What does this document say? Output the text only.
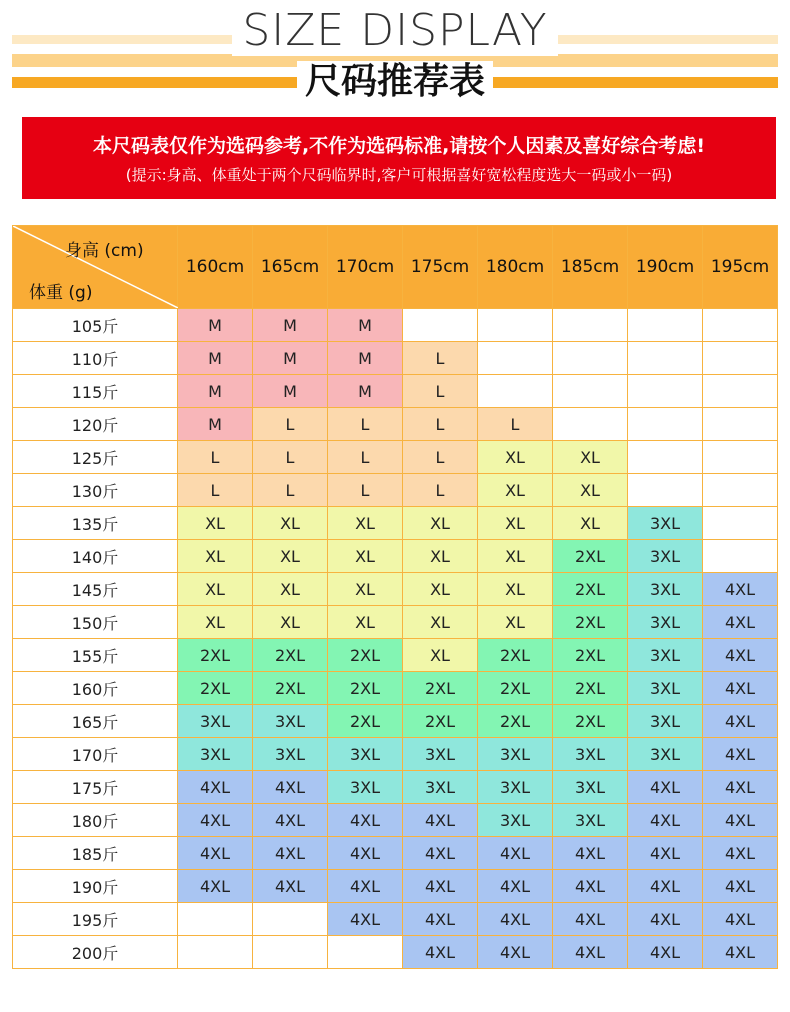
SIZE DISPLAY
尺码推荐表
本尺码表仅作为选码参考,不作为选码标准,请按个人因素及喜好综合考虑!
(提示:身高、体重处于两个尺码临界时,客户可根据喜好宽松程度选大一码或小一码)
身高 (cm)
体重 (g)	160cm	165cm	170cm	175cm	180cm	185cm	190cm	195cm
105斤	M	M	M					
110斤	M	M	M	L				
115斤	M	M	M	L				
120斤	M	L	L	L	L			
125斤	L	L	L	L	XL	XL		
130斤	L	L	L	L	XL	XL		
135斤	XL	XL	XL	XL	XL	XL	3XL	
140斤	XL	XL	XL	XL	XL	2XL	3XL	
145斤	XL	XL	XL	XL	XL	2XL	3XL	4XL
150斤	XL	XL	XL	XL	XL	2XL	3XL	4XL
155斤	2XL	2XL	2XL	XL	2XL	2XL	3XL	4XL
160斤	2XL	2XL	2XL	2XL	2XL	2XL	3XL	4XL
165斤	3XL	3XL	2XL	2XL	2XL	2XL	3XL	4XL
170斤	3XL	3XL	3XL	3XL	3XL	3XL	3XL	4XL
175斤	4XL	4XL	3XL	3XL	3XL	3XL	4XL	4XL
180斤	4XL	4XL	4XL	4XL	3XL	3XL	4XL	4XL
185斤	4XL	4XL	4XL	4XL	4XL	4XL	4XL	4XL
190斤	4XL	4XL	4XL	4XL	4XL	4XL	4XL	4XL
195斤			4XL	4XL	4XL	4XL	4XL	4XL
200斤				4XL	4XL	4XL	4XL	4XL
